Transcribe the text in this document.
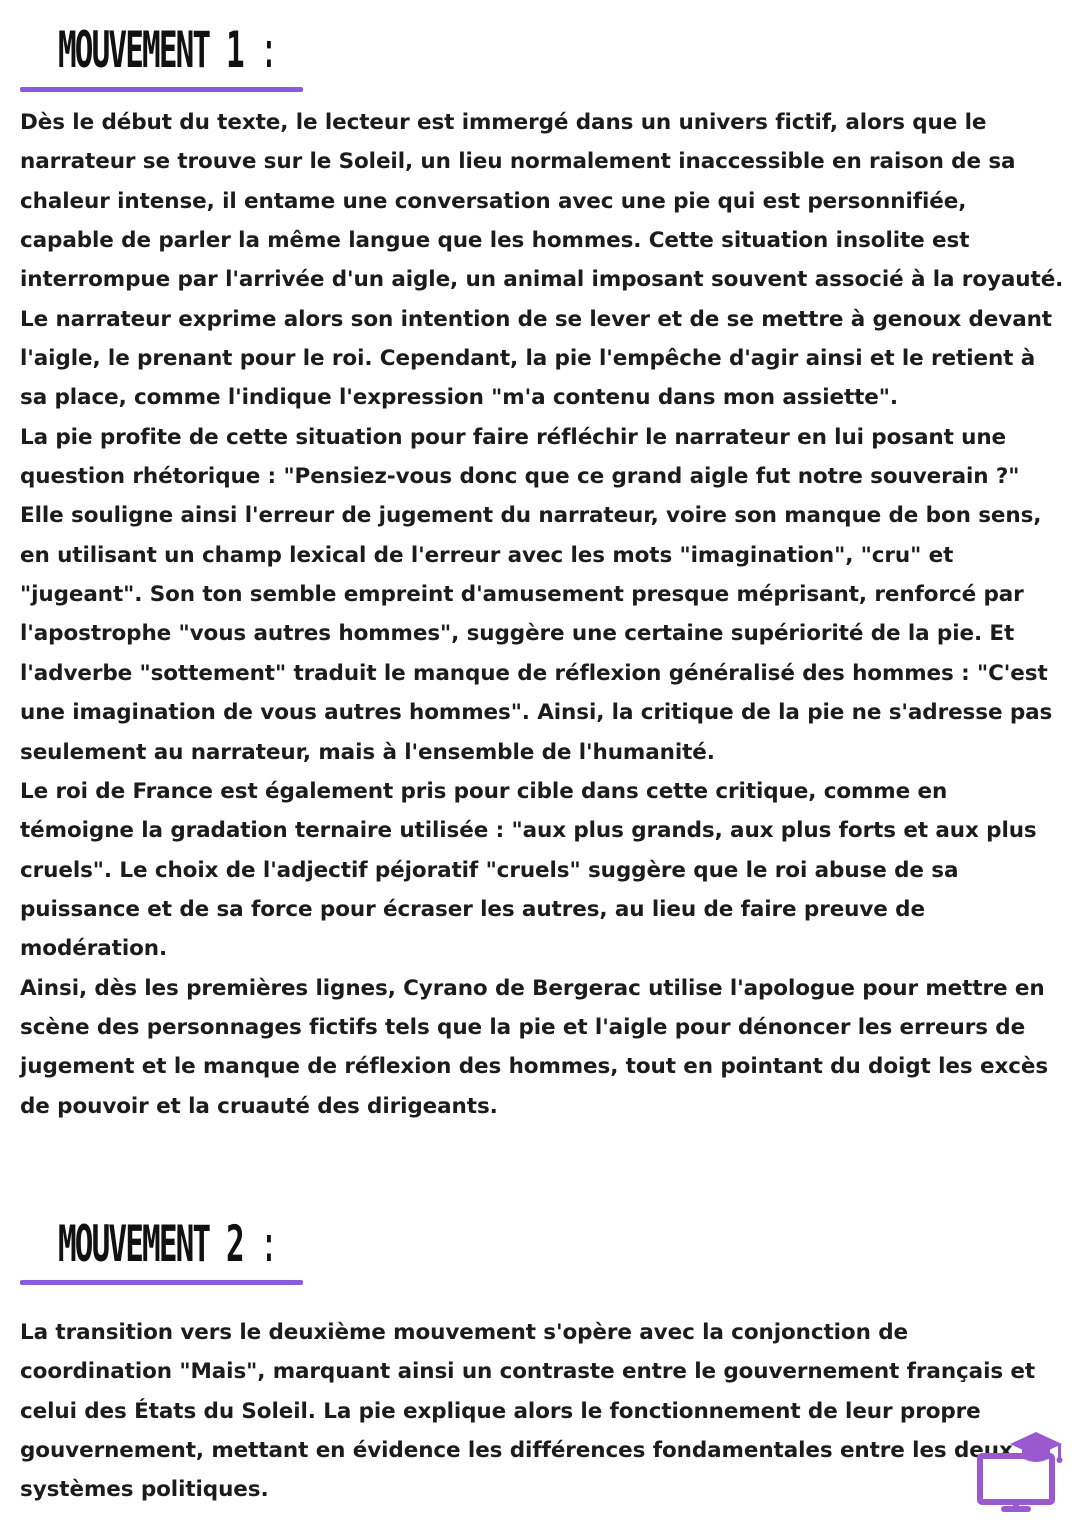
MOUVEMENT 1 :

Dès le début du texte, le lecteur est immergé dans un univers fictif, alors que le narrateur se trouve sur le Soleil, un lieu normalement inaccessible en raison de sa chaleur intense, il entame une conversation avec une pie qui est personnifiée, capable de parler la même langue que les hommes. Cette situation insolite est interrompue par l'arrivée d'un aigle, un animal imposant souvent associé à la royauté. Le narrateur exprime alors son intention de se lever et de se mettre à genoux devant l'aigle, le prenant pour le roi. Cependant, la pie l'empêche d'agir ainsi et le retient à sa place, comme l'indique l'expression "m'a contenu dans mon assiette".

La pie profite de cette situation pour faire réfléchir le narrateur en lui posant une question rhétorique : "Pensiez-vous donc que ce grand aigle fut notre souverain ?" Elle souligne ainsi l'erreur de jugement du narrateur, voire son manque de bon sens, en utilisant un champ lexical de l'erreur avec les mots "imagination", "cru" et "jugeant". Son ton semble empreint d'amusement presque méprisant, renforcé par l'apostrophe "vous autres hommes", suggère une certaine supériorité de la pie. Et l'adverbe "sottement" traduit le manque de réflexion généralisé des hommes : "C'est une imagination de vous autres hommes". Ainsi, la critique de la pie ne s'adresse pas seulement au narrateur, mais à l'ensemble de l'humanité.

Le roi de France est également pris pour cible dans cette critique, comme en témoigne la gradation ternaire utilisée : "aux plus grands, aux plus forts et aux plus cruels". Le choix de l'adjectif péjoratif "cruels" suggère que le roi abuse de sa puissance et de sa force pour écraser les autres, au lieu de faire preuve de modération.

Ainsi, dès les premières lignes, Cyrano de Bergerac utilise l'apologue pour mettre en scène des personnages fictifs tels que la pie et l'aigle pour dénoncer les erreurs de jugement et le manque de réflexion des hommes, tout en pointant du doigt les excès de pouvoir et la cruauté des dirigeants.

MOUVEMENT 2 :

La transition vers le deuxième mouvement s'opère avec la conjonction de coordination "Mais", marquant ainsi un contraste entre le gouvernement français et celui des États du Soleil. La pie explique alors le fonctionnement de leur propre gouvernement, mettant en évidence les différences fondamentales entre les deux systèmes politiques.
